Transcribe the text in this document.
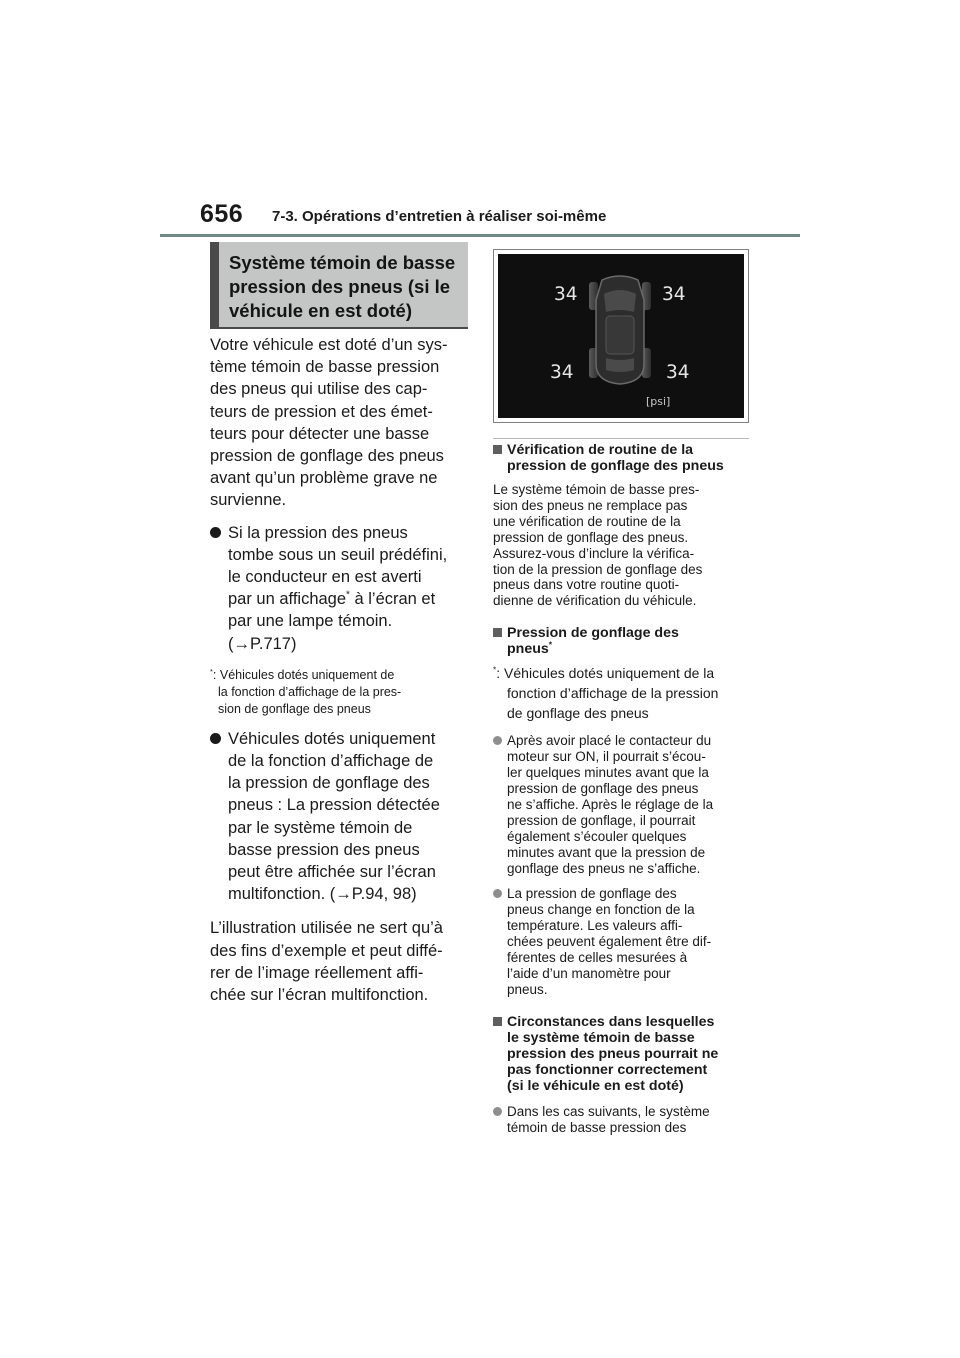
656 7-3. Opérations d’entretien à réaliser soi-même
Système témoin de basse
pression des pneus (si le
véhicule en est doté)

Votre véhicule est doté d’un sys-
tème témoin de basse pression
des pneus qui utilise des cap-
teurs de pression et des émet-
teurs pour détecter une basse
pression de gonflage des pneus
avant qu’un problème grave ne
survienne.

Si la pression des pneus
tombe sous un seuil prédéfini,
le conducteur en est averti
par un affichage* à l’écran et
par une lampe témoin.
(→P.717)
*: Véhicules dotés uniquement de
la fonction d’affichage de la pres-
sion de gonflage des pneus
Véhicules dotés uniquement
de la fonction d’affichage de
la pression de gonflage des
pneus : La pression détectée
par le système témoin de
basse pression des pneus
peut être affichée sur l’écran
multifonction. (→P.94, 98)

L’illustration utilisée ne sert qu’à
des fins d’exemple et peut diffé-
rer de l’image réellement affi-
chée sur l’écran multifonction.

34	34
34	34
[psi]
Vérification de routine de la
pression de gonflage des pneus

Le système témoin de basse pres-
sion des pneus ne remplace pas
une vérification de routine de la
pression de gonflage des pneus.
Assurez-vous d’inclure la vérifica-
tion de la pression de gonflage des
pneus dans votre routine quoti-
dienne de vérification du véhicule.

Pression de gonflage des
pneus*
*: Véhicules dotés uniquement de la
fonction d’affichage de la pression
de gonflage des pneus
Après avoir placé le contacteur du
moteur sur ON, il pourrait s’écou-
ler quelques minutes avant que la
pression de gonflage des pneus
ne s’affiche. Après le réglage de la
pression de gonflage, il pourrait
également s’écouler quelques
minutes avant que la pression de
gonflage des pneus ne s’affiche.
La pression de gonflage des
pneus change en fonction de la
température. Les valeurs affi-
chées peuvent également être dif-
férentes de celles mesurées à
l’aide d’un manomètre pour
pneus.
Circonstances dans lesquelles
le système témoin de basse
pression des pneus pourrait ne
pas fonctionner correctement
(si le véhicule en est doté)
Dans les cas suivants, le système
témoin de basse pression des
